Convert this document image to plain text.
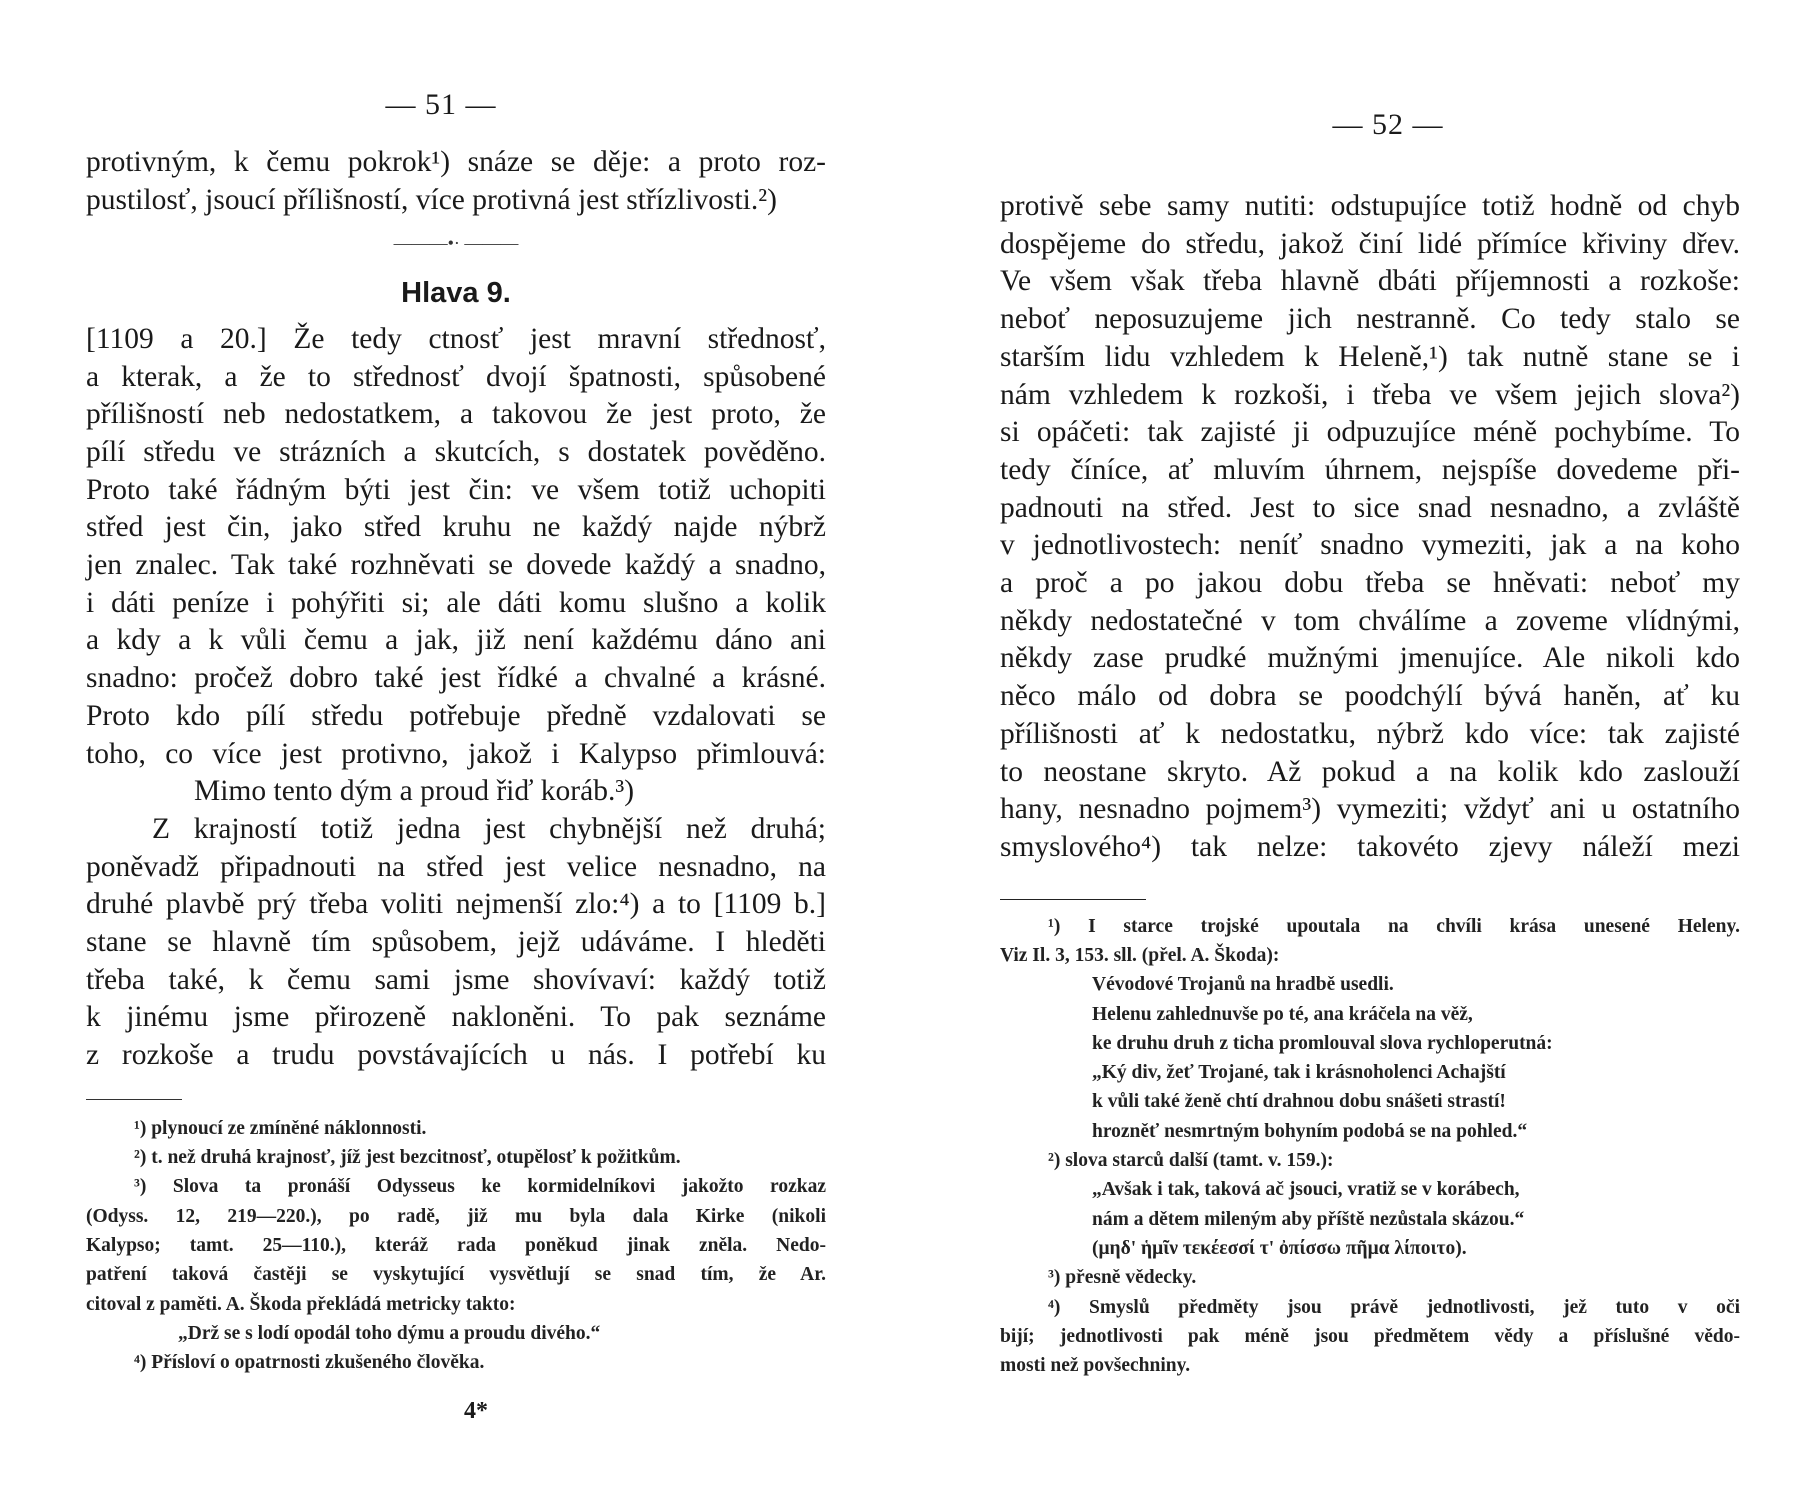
— 51 —

protivným, k čemu pokrok¹) snáze se děje: a proto roz-
pustilosť, jsoucí přílišností, více protivná jest střízlivosti.²)

———•· ———
Hlava 9.

[1109 a 20.] Že tedy ctnosť jest mravní střednosť,
a kterak, a že to střednosť dvojí špatnosti, spůsobené
přílišností neb nedostatkem, a takovou že jest proto, že
pílí středu ve strázních a skutcích, s dostatek pověděno.
Proto také řádným býti jest čin: ve všem totiž uchopiti
střed jest čin, jako střed kruhu ne každý najde nýbrž
jen znalec. Tak také rozhněvati se dovede každý a snadno,
i dáti peníze i pohýřiti si; ale dáti komu slušno a kolik
a kdy a k vůli čemu a jak, již není každému dáno ani
snadno: pročež dobro také jest řídké a chvalné a krásné.
Proto kdo pílí středu potřebuje předně vzdalovati se
toho, co více jest protivno, jakož i Kalypso přimlouvá:

Mimo tento dým a proud řiď koráb.³)

Z krajností totiž jedna jest chybnější než druhá;
poněvadž připadnouti na střed jest velice nesnadno, na
druhé plavbě prý třeba voliti nejmenší zlo:⁴) a to [1109 b.]
stane se hlavně tím spůsobem, jejž udáváme. I hleděti
třeba také, k čemu sami jsme shovívaví: každý totiž
k jinému jsme přirozeně nakloněni. To pak seznáme
z rozkoše a trudu povstávajících u nás. I potřebí ku

¹) plynoucí ze zmíněné náklonnosti.
²) t. než druhá krajnosť, jíž jest bezcitnosť, otupělosť k požitkům.
³) Slova ta pronáší Odysseus ke kormidelníkovi jakožto rozkaz
(Odyss. 12, 219—220.), po radě, již mu byla dala Kirke (nikoli
Kalypso; tamt. 25—110.), kteráž rada poněkud jinak zněla. Nedo-
patření taková častěji se vyskytující vysvětlují se snad tím, že Ar.
citoval z paměti. A. Škoda překládá metricky takto:
„Drž se s lodí opodál toho dýmu a proudu divého.“
⁴) Přísloví o opatrnosti zkušeného člověka.
4*
— 52 —

protivě sebe samy nutiti: odstupujíce totiž hodně od chyb
dospějeme do středu, jakož činí lidé přímíce křiviny dřev.
Ve všem však třeba hlavně dbáti příjemnosti a rozkoše:
neboť neposuzujeme jich nestranně. Co tedy stalo se
starším lidu vzhledem k Heleně,¹) tak nutně stane se i
nám vzhledem k rozkoši, i třeba ve všem jejich slova²)
si opáčeti: tak zajisté ji odpuzujíce méně pochybíme. To
tedy číníce, ať mluvím úhrnem, nejspíše dovedeme při-
padnouti na střed. Jest to sice snad nesnadno, a zvláště
v jednotlivostech: neníť snadno vymeziti, jak a na koho
a proč a po jakou dobu třeba se hněvati: neboť my
někdy nedostatečné v tom chválíme a zoveme vlídnými,
někdy zase prudké mužnými jmenujíce. Ale nikoli kdo
něco málo od dobra se poodchýlí bývá haněn, ať ku
přílišnosti ať k nedostatku, nýbrž kdo více: tak zajisté
to neostane skryto. Až pokud a na kolik kdo zaslouží
hany, nesnadno pojmem³) vymeziti; vždyť ani u ostatního
smyslového⁴) tak nelze: takovéto zjevy náleží mezi

¹) I starce trojské upoutala na chvíli krása unesené Heleny.
Viz Il. 3, 153. sll. (přel. A. Škoda):
Vévodové Trojanů na hradbě usedli.
Helenu zahlednuvše po té, ana kráčela na věž,
ke druhu druh z ticha promlouval slova rychloperutná:
„Ký div, žeť Trojané, tak i krásnoholenci Achajští
k vůli také ženě chtí drahnou dobu snášeti strastí!
hrozněť nesmrtným bohyním podobá se na pohled.“
²) slova starců další (tamt. v. 159.):
„Avšak i tak, taková ač jsouci, vratiž se v korábech,
nám a dětem mileným aby příště nezůstala skázou.“
(μηδ' ἡμῖν τεκέεσσί τ' ὀπίσσω πῆμα λίποιτο).
³) přesně vědecky.
⁴) Smyslů předměty jsou právě jednotlivosti, jež tuto v oči
bijí; jednotlivosti pak méně jsou předmětem vědy a příslušné vědo-
mosti než povšechniny.
